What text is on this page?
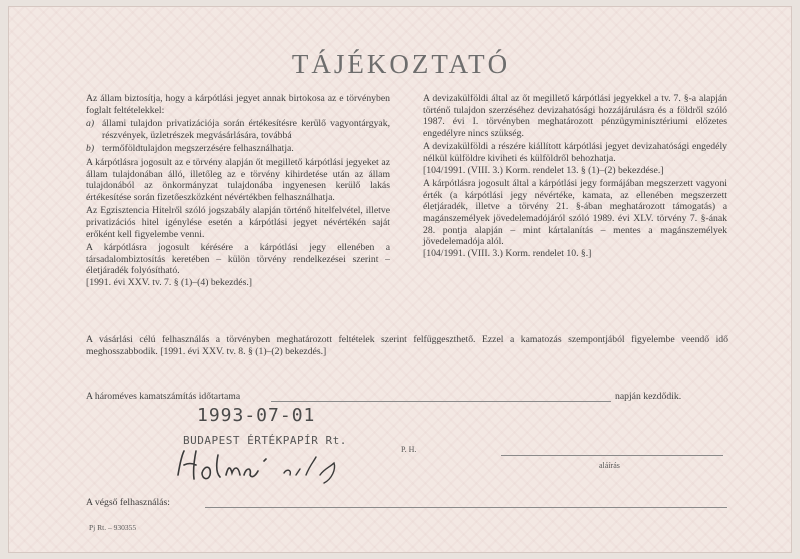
TÁJÉKOZTATÓ

Az állam biztosítja, hogy a kárpótlási jegyet annak birtokosa az e törvényben foglalt feltételekkel:

a) állami tulajdon privatizációja során értékesítésre kerülő vagyontárgyak, részvények, üzletrészek megvásárlására, továbbá

b) termőföldtulajdon megszerzésére felhasználhatja.

A kárpótlásra jogosult az e törvény alapján őt megillető kárpótlási jegyeket az állam tulajdonában álló, illetőleg az e törvény kihirdetése után az állam tulajdonából az önkormányzat tulajdonába ingyenesen kerülő lakás értékesítése során fizetőeszközként névértékben felhasználhatja.

Az Egzisztencia Hitelről szóló jogszabály alapján történő hitelfelvétel, illetve privatizációs hitel igénylése esetén a kárpótlási jegyet névértékén saját erőként kell figyelembe venni.

A kárpótlásra jogosult kérésére a kárpótlási jegy ellenében a társadalombiztosítás keretében – külön törvény rendelkezései szerint – életjáradék folyósítható.

[1991. évi XXV. tv. 7. § (1)–(4) bekezdés.]

A devizakülföldi által az őt megillető kárpótlási jegyekkel a tv. 7. §-a alapján történő tulajdon szerzéséhez devizahatósági hozzájárulásra és a földről szóló 1987. évi I. törvényben meghatározott pénzügyminisztériumi előzetes engedélyre nincs szükség.

A devizakülföldi a részére kiállított kárpótlási jegyet devizahatósági engedély nélkül külföldre kiviheti és külföldről behozhatja.

[104/1991. (VIII. 3.) Korm. rendelet 13. § (1)–(2) bekezdése.]

A kárpótlásra jogosult által a kárpótlási jegy formájában megszerzett vagyoni érték (a kárpótlási jegy névértéke, kamata, az ellenében megszerzett életjáradék, illetve a törvény 21. §-ában meghatározott támogatás) a magánszemélyek jövedelemadójáról szóló 1989. évi XLV. törvény 7. §-ának 28. pontja alapján – mint kártalanítás – mentes a magánszemélyek jövedelemadója alól.

[104/1991. (VIII. 3.) Korm. rendelet 10. §.]

A vásárlási célú felhasználás a törvényben meghatározott feltételek szerint felfüggeszthető. Ezzel a kamatozás szempontjából figyelembe veendő idő meghosszabbodik. [1991. évi XXV. tv. 8. § (1)–(2) bekezdés.]
A hároméves kamatszámítás időtartama	napján kezdődik.
1993-07-01
BUDAPEST ÉRTÉKPAPÍR Rt.
P. H.
aláírás
A végső felhasználás:
Pj Rt. – 930355
